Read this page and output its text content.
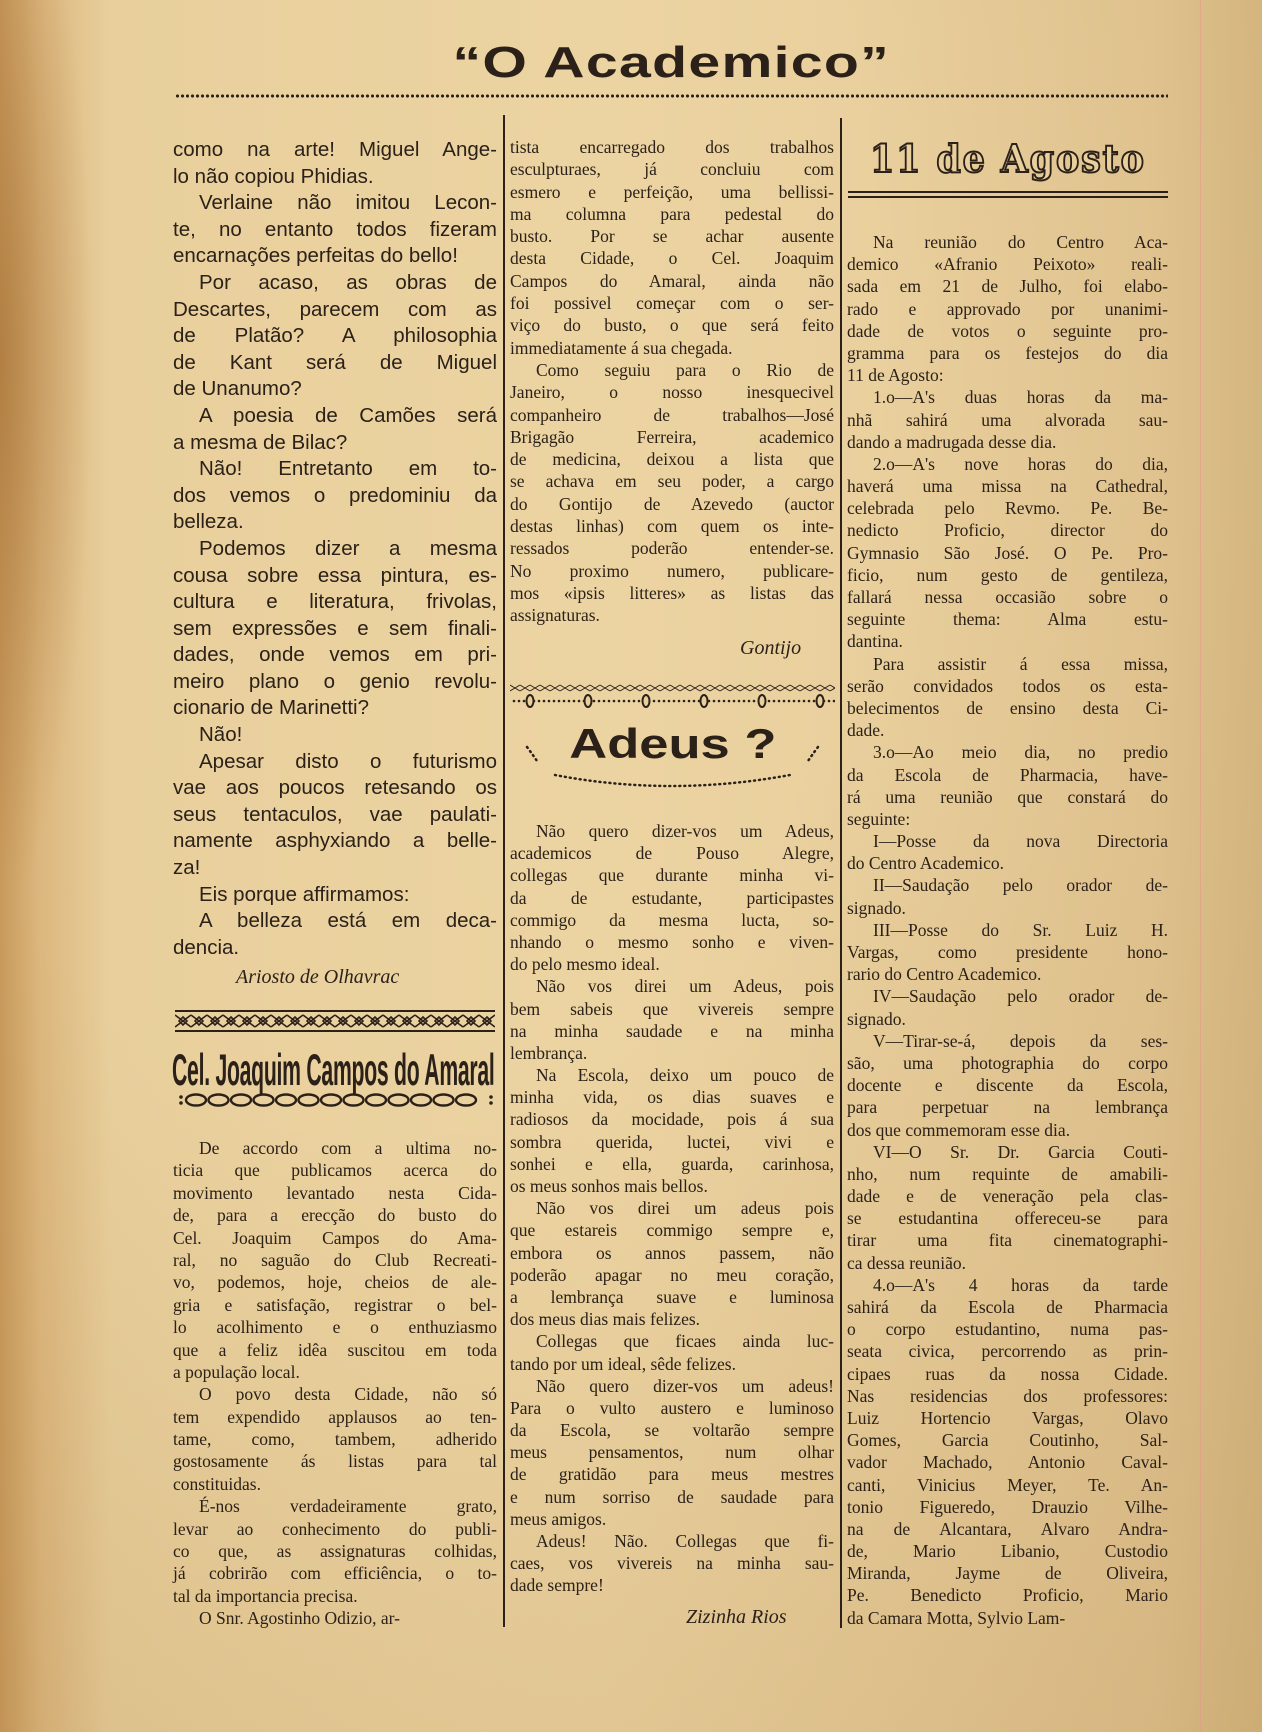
“O Academico”
como na arte! Miguel Ange-
lo não copiou Phidias.
Verlaine não imitou Lecon-
te, no entanto todos fizeram
encarnações perfeitas do bello!
Por acaso, as obras de
Descartes, parecem com as
de Platão? A philosophia
de Kant será de Miguel
de Unanumo?
A poesia de Camões será
a mesma de Bilac?
Não! Entretanto em to-
dos vemos o predominiu da
belleza.
Podemos dizer a mesma
cousa sobre essa pintura, es-
cultura e literatura, frivolas,
sem expressões e sem finali-
dades, onde vemos em pri-
meiro plano o genio revolu-
cionario de Marinetti?
Não!
Apesar disto o futurismo
vae aos poucos retesando os
seus tentaculos, vae paulati-
namente asphyxiando a belle-
za!
Eis porque affirmamos:
A belleza está em deca-
dencia.
Ariosto de Olhavrac
Cel. Joaquim Campos do Amaral
De accordo com a ultima no-
ticia que publicamos acerca do
movimento levantado nesta Cida-
de, para a erecção do busto do
Cel. Joaquim Campos do Ama-
ral, no saguão do Club Recreati-
vo, podemos, hoje, cheios de ale-
gria e satisfação, registrar o bel-
lo acolhimento e o enthuziasmo
que a feliz idêa suscitou em toda
a população local.
O povo desta Cidade, não só
tem expendido applausos ao ten-
tame, como, tambem, adherido
gostosamente ás listas para tal
constituidas.
É-nos verdadeiramente grato,
levar ao conhecimento do publi-
co que, as assignaturas colhidas,
já cobrirão com efficiência, o to-
tal da importancia precisa.
O Snr. Agostinho Odizio, ar-
tista encarregado dos trabalhos
esculpturaes, já concluiu com
esmero e perfeição, uma bellissi-
ma columna para pedestal do
busto. Por se achar ausente
desta Cidade, o Cel. Joaquim
Campos do Amaral, ainda não
foi possivel começar com o ser-
viço do busto, o que será feito
immediatamente á sua chegada.
Como seguiu para o Rio de
Janeiro, o nosso inesquecivel
companheiro de trabalhos—José
Brigagão Ferreira, academico
de medicina, deixou a lista que
se achava em seu poder, a cargo
do Gontijo de Azevedo (auctor
destas linhas) com quem os inte-
ressados poderão entender-se.
No proximo numero, publicare-
mos «ipsis litteres» as listas das
assignaturas.
Gontijo
Adeus ?
Não quero dizer-vos um Adeus,
academicos de Pouso Alegre,
collegas que durante minha vi-
da de estudante, participastes
commigo da mesma lucta, so-
nhando o mesmo sonho e viven-
do pelo mesmo ideal.
Não vos direi um Adeus, pois
bem sabeis que vivereis sempre
na minha saudade e na minha
lembrança.
Na Escola, deixo um pouco de
minha vida, os dias suaves e
radiosos da mocidade, pois á sua
sombra querida, luctei, vivi e
sonhei e ella, guarda, carinhosa,
os meus sonhos mais bellos.
Não vos direi um adeus pois
que estareis commigo sempre e,
embora os annos passem, não
poderão apagar no meu coração,
a lembrança suave e luminosa
dos meus dias mais felizes.
Collegas que ficaes ainda luc-
tando por um ideal, sêde felizes.
Não quero dizer-vos um adeus!
Para o vulto austero e luminoso
da Escola, se voltarão sempre
meus pensamentos, num olhar
de gratidão para meus mestres
e num sorriso de saudade para
meus amigos.
Adeus! Não. Collegas que fi-
caes, vos vivereis na minha sau-
dade sempre!
Zizinha Rios
11 de Agosto
Na reunião do Centro Aca-
demico «Afranio Peixoto» reali-
sada em 21 de Julho, foi elabo-
rado e approvado por unanimi-
dade de votos o seguinte pro-
gramma para os festejos do dia
11 de Agosto:
1.o—A's duas horas da ma-
nhã sahirá uma alvorada sau-
dando a madrugada desse dia.
2.o—A's nove horas do dia,
haverá uma missa na Cathedral,
celebrada pelo Revmo. Pe. Be-
nedicto Proficio, director do
Gymnasio São José. O Pe. Pro-
ficio, num gesto de gentileza,
fallará nessa occasião sobre o
seguinte thema: Alma estu-
dantina.
Para assistir á essa missa,
serão convidados todos os esta-
belecimentos de ensino desta Ci-
dade.
3.o—Ao meio dia, no predio
da Escola de Pharmacia, have-
rá uma reunião que constará do
seguinte:
I—Posse da nova Directoria
do Centro Academico.
II—Saudação pelo orador de-
signado.
III—Posse do Sr. Luiz H.
Vargas, como presidente hono-
rario do Centro Academico.
IV—Saudação pelo orador de-
signado.
V—Tirar-se-á, depois da ses-
são, uma photographia do corpo
docente e discente da Escola,
para perpetuar na lembrança
dos que commemoram esse dia.
VI—O Sr. Dr. Garcia Couti-
nho, num requinte de amabili-
dade e de veneração pela clas-
se estudantina offereceu-se para
tirar uma fita cinematographi-
ca dessa reunião.
4.o—A's 4 horas da tarde
sahirá da Escola de Pharmacia
o corpo estudantino, numa pas-
seata civica, percorrendo as prin-
cipaes ruas da nossa Cidade.
Nas residencias dos professores:
Luiz Hortencio Vargas, Olavo
Gomes, Garcia Coutinho, Sal-
vador Machado, Antonio Caval-
canti, Vinicius Meyer, Te. An-
tonio Figueredo, Drauzio Vilhe-
na de Alcantara, Alvaro Andra-
de, Mario Libanio, Custodio
Miranda, Jayme de Oliveira,
Pe. Benedicto Proficio, Mario
da Camara Motta, Sylvio Lam-
